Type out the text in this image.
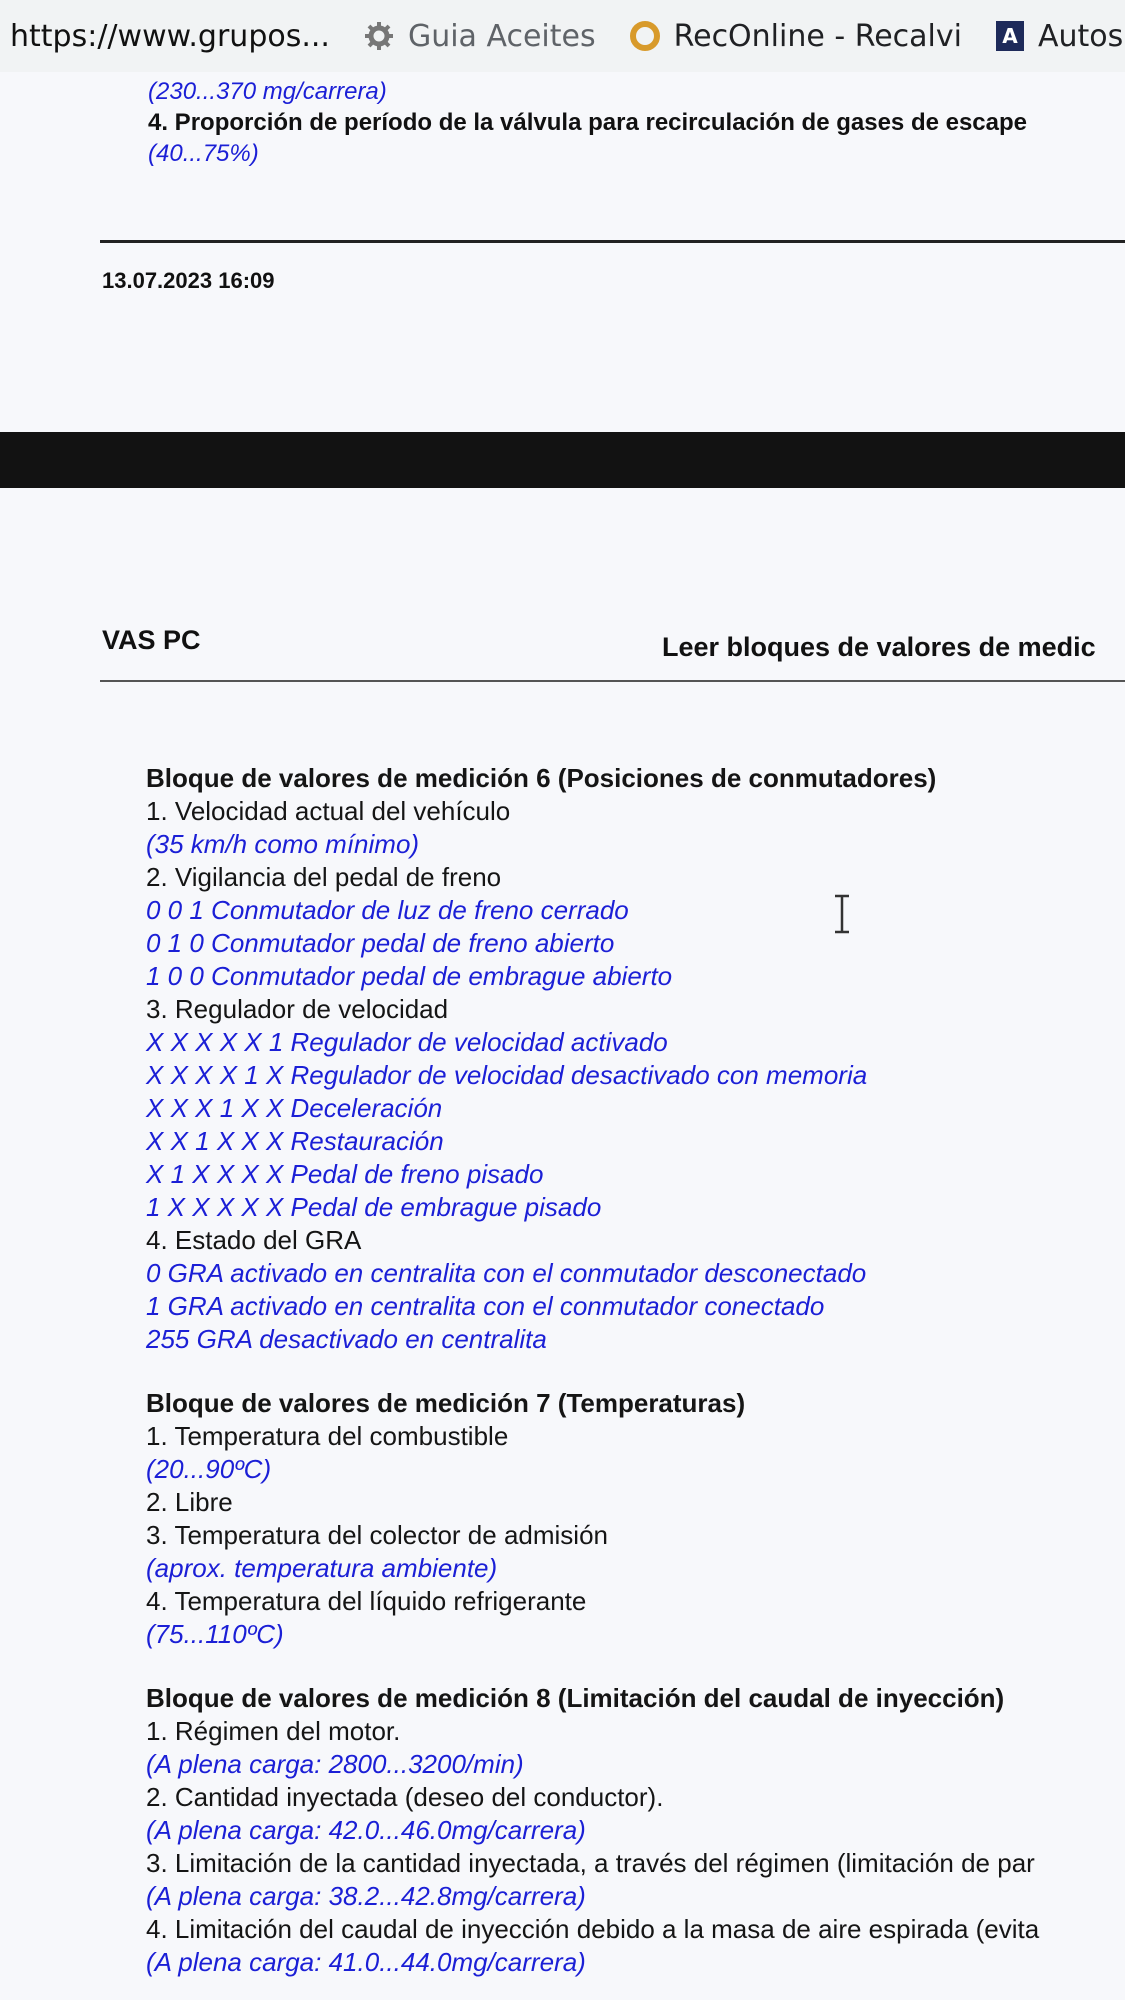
https://www.grupos...	Guia Aceites	RecOnline - Recalvi	A Autos
(230...370 mg/carrera)
4. Proporción de período de la válvula para recirculación de gases de escape
(40...75%)
13.07.2023 16:09
VAS PC	Leer bloques de valores de medic
Bloque de valores de medición 6 (Posiciones de conmutadores)
1. Velocidad actual del vehículo
(35 km/h como mínimo)
2. Vigilancia del pedal de freno
0 0 1 Conmutador de luz de freno cerrado
0 1 0 Conmutador pedal de freno abierto
1 0 0 Conmutador pedal de embrague abierto
3. Regulador de velocidad
X X X X X 1 Regulador de velocidad activado
X X X X 1 X Regulador de velocidad desactivado con memoria
X X X 1 X X Deceleración
X X 1 X X X Restauración
X 1 X X X X Pedal de freno pisado
1 X X X X X Pedal de embrague pisado
4. Estado del GRA
0 GRA activado en centralita con el conmutador desconectado
1 GRA activado en centralita con el conmutador conectado
255 GRA desactivado en centralita
Bloque de valores de medición 7 (Temperaturas)
1. Temperatura del combustible
(20...90ºC)
2. Libre
3. Temperatura del colector de admisión
(aprox. temperatura ambiente)
4. Temperatura del líquido refrigerante
(75...110ºC)
Bloque de valores de medición 8 (Limitación del caudal de inyección)
1. Régimen del motor.
(A plena carga: 2800...3200/min)
2. Cantidad inyectada (deseo del conductor).
(A plena carga: 42.0...46.0mg/carrera)
3. Limitación de la cantidad inyectada, a través del régimen (limitación de par
(A plena carga: 38.2...42.8mg/carrera)
4. Limitación del caudal de inyección debido a la masa de aire espirada (evita
(A plena carga: 41.0...44.0mg/carrera)
